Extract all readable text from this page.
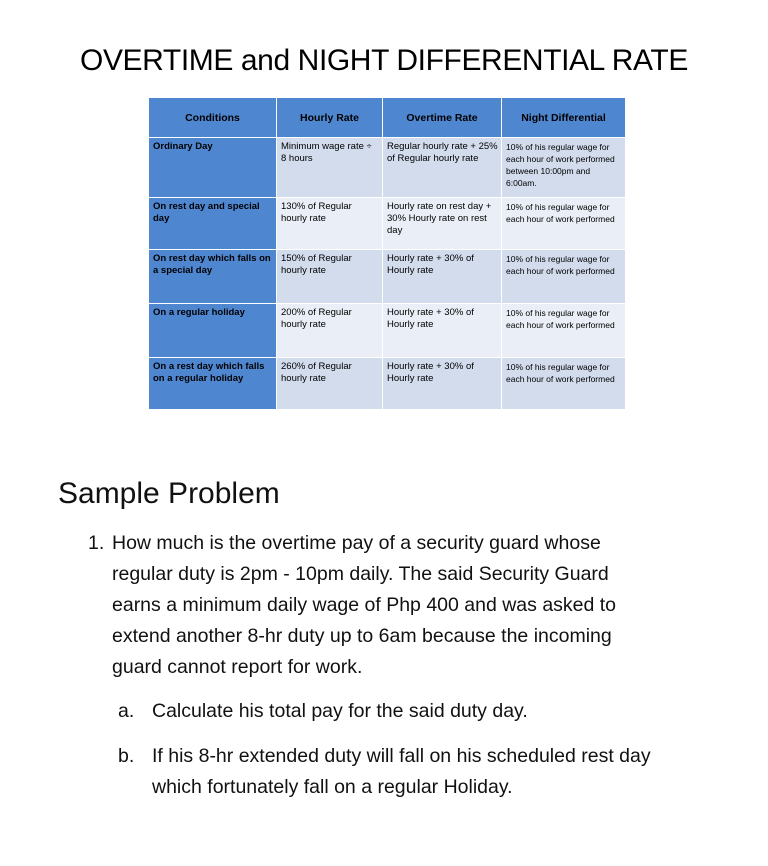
OVERTIME and NIGHT DIFFERENTIAL RATE
Conditions	Hourly Rate	Overtime Rate	Night Differential
Ordinary Day	Minimum wage rate ÷ 8 hours	Regular hourly rate + 25% of Regular hourly rate	10% of his regular wage for each hour of work performed between 10:00pm and 6:00am.
On rest day and special day	130% of Regular hourly rate	Hourly rate on rest day + 30% Hourly rate on rest day	10% of his regular wage for each hour of work performed
On rest day which falls on a special day	150% of Regular hourly rate	Hourly rate + 30% of Hourly rate	10% of his regular wage for each hour of work performed
On a regular holiday	200% of Regular hourly rate	Hourly rate + 30% of Hourly rate	10% of his regular wage for each hour of work performed
On a rest day which falls on a regular holiday	260% of Regular hourly rate	Hourly rate + 30% of Hourly rate	10% of his regular wage for each hour of work performed
Sample Problem
1. How much is the overtime pay of a security guard whose regular duty is 2pm - 10pm daily. The said Security Guard earns a minimum daily wage of Php 400 and was asked to extend another 8-hr duty up to 6am because the incoming guard cannot report for work.
a. Calculate his total pay for the said duty day.
b. If his 8-hr extended duty will fall on his scheduled rest day which fortunately fall on a regular Holiday.
